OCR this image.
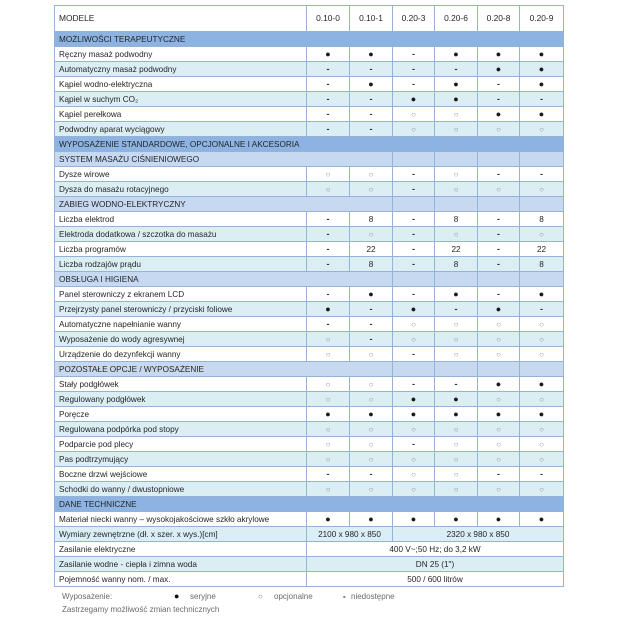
MODELE	0.10-0	0.10-1	0.20-3	0.20-6	0.20-8	0.20-9
MOŻLIWOŚCI TERAPEUTYCZNE						
Ręczny masaż podwodny	●	●	-	●	●	●
Automatyczny masaż podwodny	-	-	-	-	●	●
Kąpiel wodno-elektryczna	-	●	-	●	-	●
Kąpiel w suchym CO₂	-	-	●	●	-	-
Kąpiel perełkowa	-	-	○	○	●	●
Podwodny aparat wyciągowy	-	-	○	○	○	○
WYPOSAŻENIE STANDARDOWE, OPCJONALNE I AKCESORIA						
SYSTEM MASAŻU CIŚNIENIOWEGO						
Dysze wirowe	○	○	-	○	-	-
Dysza do masażu rotacyjnego	○	○	-	○	○	○
ZABIEG WODNO-ELEKTRYCZNY						
Liczba elektrod	-	8	-	8	-	8
Elektroda dodatkowa / szczotka do masażu	-	○	-	○	-	○
Liczba programów	-	22	-	22	-	22
Liczba rodzajów prądu	-	8	-	8	-	8
OBSŁUGA I HIGIENA						
Panel sterowniczy z ekranem LCD	-	●	-	●	-	●
Przejrzysty panel sterowniczy / przyciski foliowe	●	-	●	-	●	-
Automatyczne napełnianie wanny	-	-	○	○	○	○
Wyposażenie do wody agresywnej	○	-	○	○	○	○
Urządzenie do dezynfekcji wanny	○	○	-	○	○	○
POZOSTAŁE OPCJE / WYPOSAŻENIE						
Stały podgłówek	○	○	-	-	●	●
Regulowany podgłówek	○	○	●	●	○	○
Poręcze	●	●	●	●	●	●
Regulowana podpórka pod stopy	○	○	○	○	○	○
Podparcie pod plecy	○	○	-	○	○	○
Pas podtrzymujący	○	○	○	○	○	○
Boczne drzwi wejściowe	-	-	○	○	-	-
Schodki do wanny / dwustopniowe	○	○	○	○	○	○
DANE TECHNICZNE						
Materiał niecki wanny – wysokojakościowe szkło akrylowe	●	●	●	●	●	●
Wymiary zewnętrzne (dł. x szer. x wys.)[cm]	2100 x 980 x 850		2320 x 980 x 850			
Zasilanie elektryczne	400 V~;50 Hz; do 3,2 kW					
Zasilanie wodne - ciepła i zimna woda	DN 25 (1")					
Pojemność wanny nom. / max.	500 / 600 litrów					
Wyposażenie:	● seryjne	○ opcjonalne	- niedostępne
Zastrzegamy możliwość zmian technicznych
